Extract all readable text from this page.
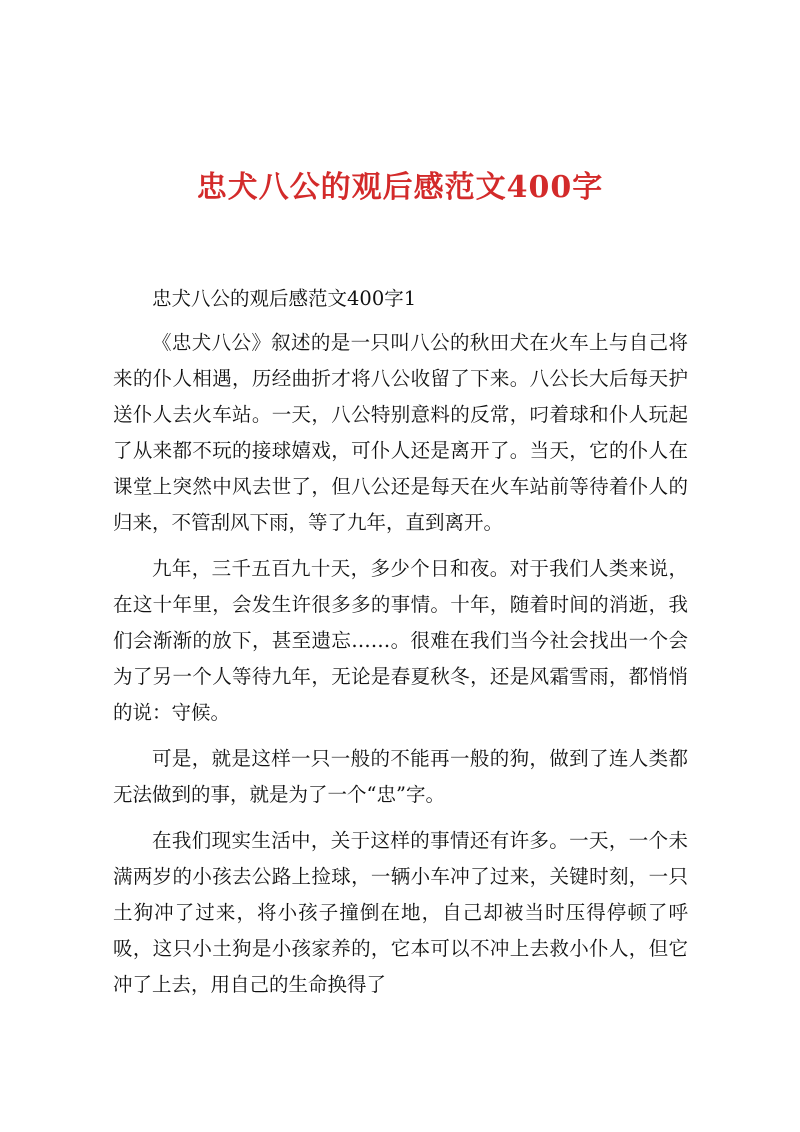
忠犬八公的观后感范文400字

忠犬八公的观后感范文400字1

《忠犬八公》叙述的是一只叫八公的秋田犬在火车上与自己将来的仆人相遇，历经曲折才将八公收留了下来。八公长大后每天护送仆人去火车站。一天，八公特别意料的反常，叼着球和仆人玩起了从来都不玩的接球嬉戏，可仆人还是离开了。当天，它的仆人在课堂上突然中风去世了，但八公还是每天在火车站前等待着仆人的归来，不管刮风下雨，等了九年，直到离开。

九年，三千五百九十天，多少个日和夜。对于我们人类来说，在这十年里，会发生许很多多的事情。十年，随着时间的消逝，我们会渐渐的放下，甚至遗忘……。很难在我们当今社会找出一个会为了另一个人等待九年，无论是春夏秋冬，还是风霜雪雨，都悄悄的说：守候。

可是，就是这样一只一般的不能再一般的狗，做到了连人类都无法做到的事，就是为了一个“忠”字。

在我们现实生活中，关于这样的事情还有许多。一天，一个未满两岁的小孩去公路上捡球，一辆小车冲了过来，关键时刻，一只土狗冲了过来，将小孩子撞倒在地，自己却被当时压得停顿了呼吸，这只小土狗是小孩家养的，它本可以不冲上去救小仆人，但它冲了上去，用自己的生命换得了
